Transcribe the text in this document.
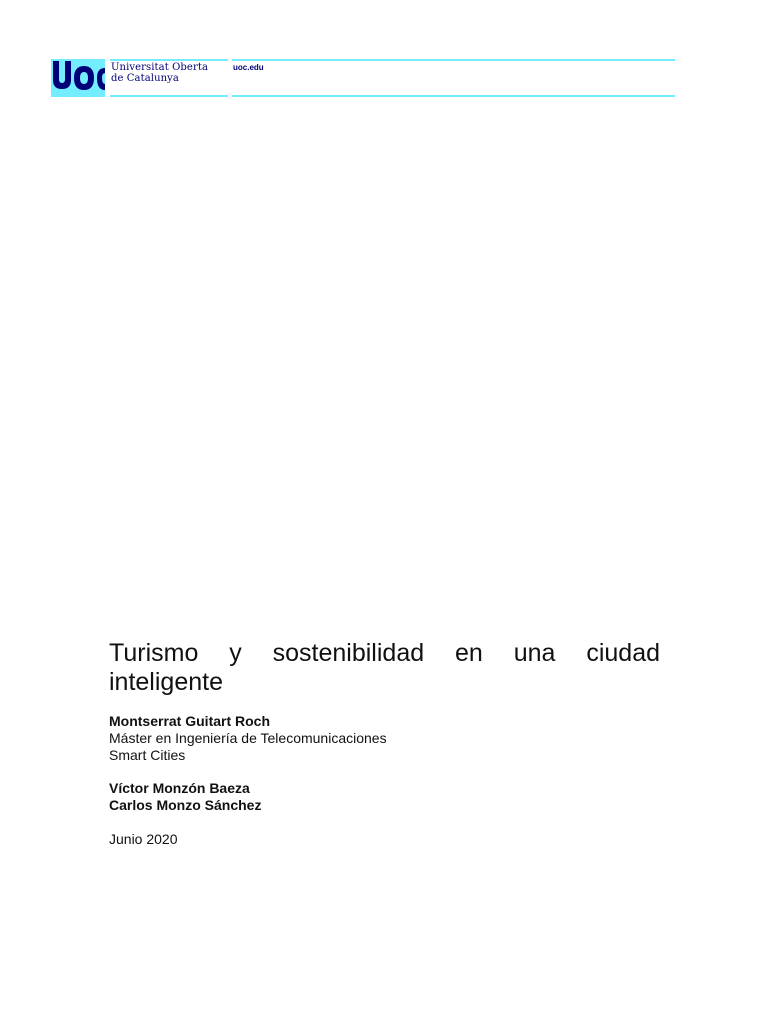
Universitat Oberta
de Catalunya
uoc.edu
Turismo y sostenibilidad en una ciudad inteligente
Montserrat Guitart Roch
Máster en Ingeniería de Telecomunicaciones
Smart Cities
Víctor Monzón Baeza
Carlos Monzo Sánchez
Junio 2020
